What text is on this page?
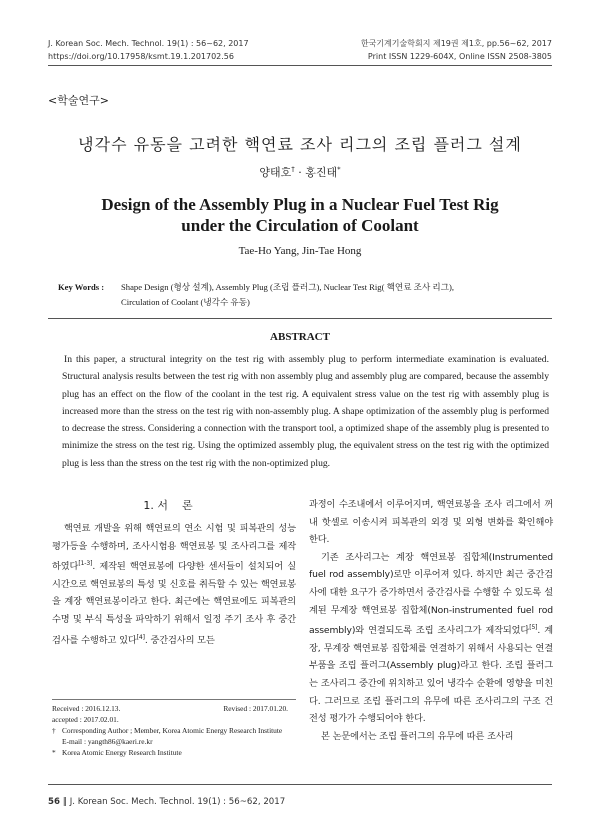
J. Korean Soc. Mech. Technol. 19(1) : 56~62, 2017
https://doi.org/10.17958/ksmt.19.1.201702.56
한국기계기술학회지 제19권 제1호, pp.56~62, 2017
Print ISSN 1229-604X, Online ISSN 2508-3805
<학술연구>
냉각수 유동을 고려한 핵연료 조사 리그의 조립 플러그 설계
양태호† · 홍진태*
Design of the Assembly Plug in a Nuclear Fuel Test Rig
under the Circulation of Coolant
Tae-Ho Yang, Jin-Tae Hong
Key Words : Shape Design (형상 설계), Assembly Plug (조립 플러그), Nuclear Test Rig( 핵연료 조사 리그),
Circulation of Coolant (냉각수 유동)
ABSTRACT
In this paper, a structural integrity on the test rig with assembly plug to perform intermediate examination is evaluated. Structural analysis results between the test rig with non assembly plug and assembly plug are compared, because the assembly plug has an effect on the flow of the coolant in the test rig. A equivalent stress value on the test rig with assembly plug is increased more than the stress on the test rig with non-assembly plug. A shape optimization of the assembly plug is performed to decrease the stress. Considering a connection with the transport tool, a optimized shape of the assembly plug is presented to minimize the stress on the test rig. Using the optimized assembly plug, the equivalent stress on the test rig with the optimized plug is less than the stress on the test rig with the non-optimized plug.
1. 서    론

핵연료 개발을 위해 핵연료의 연소 시험 및 피복관의 성능 평가등을 수행하며, 조사시험용 핵연료봉 및 조사리그를 제작하였다[1-3]. 제작된 핵연료봉에 다양한 센서들이 설치되어 실시간으로 핵연료봉의 특성 및 신호를 취득할 수 있는 핵연료봉을 계장 핵연료봉이라고 한다. 최근에는 핵연료에도 피복관의 수명 및 부식 특성을 파악하기 위해서 일정 주기 조사 후 중간검사를 수행하고 있다[4]. 중간검사의 모든

Received : 2016.12.13.	Revised : 2017.01.20.
accepted : 2017.02.01.
† Corresponding Author ; Member, Korea Atomic Energy Research Institute
E-mail : yangth86@kaeri.re.kr
* Korea Atomic Energy Research Institute

과정이 수조내에서 이루어지며, 핵연료봉을 조사 리그에서 꺼내 핫셀로 이송시켜 피복관의 외경 및 외형 변화를 확인해야 한다.

기존 조사리그는 계장 핵연료봉 집합체(Instrumented fuel rod assembly)로만 이루어져 있다. 하지만 최근 중간검사에 대한 요구가 증가하면서 중간검사를 수행할 수 있도록 설계된 무계장 핵연료봉 집합체(Non-instrumented fuel rod assembly)와 연결되도록 조립 조사리그가 제작되었다[5]. 계장, 무계장 핵연료봉 집합체를 연결하기 위해서 사용되는 연결 부품을 조립 플러그(Assembly plug)라고 한다. 조립 플러그는 조사리그 중간에 위치하고 있어 냉각수 순환에 영향을 미친다. 그러므로 조립 플러그의 유무에 따른 조사리그의 구조 건전성 평가가 수행되어야 한다.

본 논문에서는 조립 플러그의 유무에 따른 조사리

56 ‖ J. Korean Soc. Mech. Technol. 19(1) : 56~62, 2017
